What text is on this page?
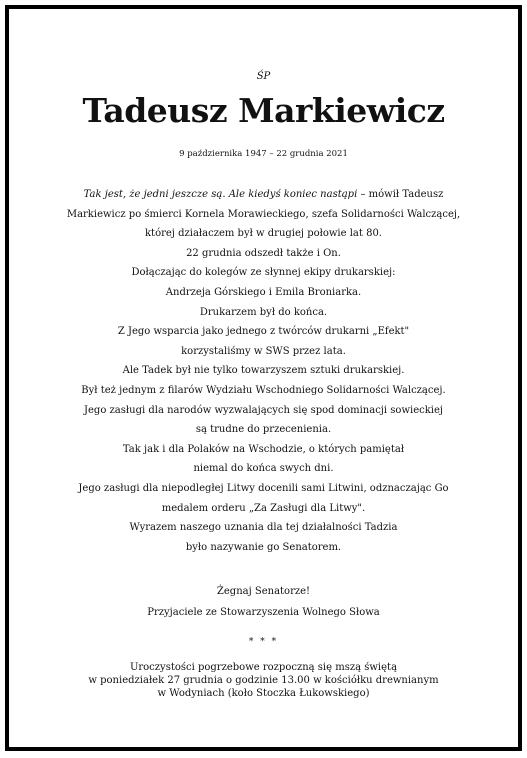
ŚP
Tadeusz Markiewicz
9 października 1947 – 22 grudnia 2021
Tak jest, że jedni jeszcze są. Ale kiedyś koniec nastąpi – mówił Tadeusz
Markiewicz po śmierci Kornela Morawieckiego, szefa Solidarności Walczącej,
której działaczem był w drugiej połowie lat 80.
22 grudnia odszedł także i On.
Dołączając do kolegów ze słynnej ekipy drukarskiej:
Andrzeja Górskiego i Emila Broniarka.
Drukarzem był do końca.
Z Jego wsparcia jako jednego z twórców drukarni „Efekt"
korzystaliśmy w SWS przez lata.
Ale Tadek był nie tylko towarzyszem sztuki drukarskiej.
Był też jednym z filarów Wydziału Wschodniego Solidarności Walczącej.
Jego zasługi dla narodów wyzwalających się spod dominacji sowieckiej
są trudne do przecenienia.
Tak jak i dla Polaków na Wschodzie, o których pamiętał
niemal do końca swych dni.
Jego zasługi dla niepodległej Litwy docenili sami Litwini, odznaczając Go
medalem orderu „Za Zasługi dla Litwy".
Wyrazem naszego uznania dla tej działalności Tadzia
było nazywanie go Senatorem.
Żegnaj Senatorze!
Przyjaciele ze Stowarzyszenia Wolnego Słowa
* * *
Uroczystości pogrzebowe rozpoczną się mszą świętą
w poniedziałek 27 grudnia o godzinie 13.00 w kościółku drewnianym
w Wodyniach (koło Stoczka Łukowskiego)
